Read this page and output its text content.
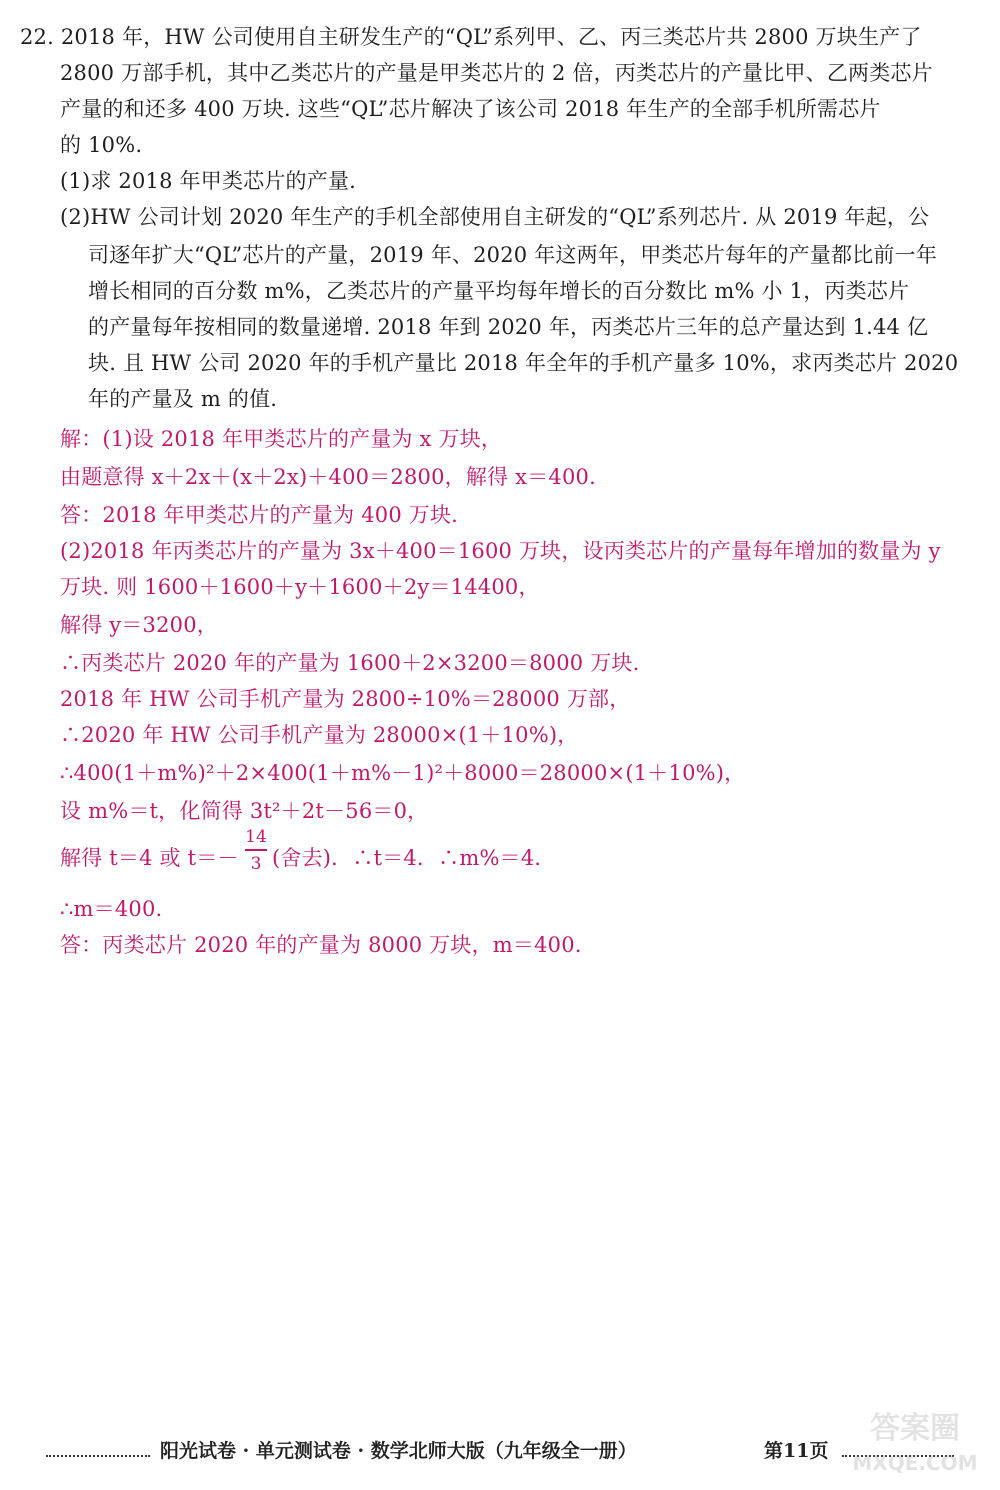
22. 2018 年，HW 公司使用自主研发生产的“QL”系列甲、乙、丙三类芯片共 2800 万块生产了
2800 万部手机，其中乙类芯片的产量是甲类芯片的 2 倍，丙类芯片的产量比甲、乙两类芯片
产量的和还多 400 万块. 这些“QL”芯片解决了该公司 2018 年生产的全部手机所需芯片
的 10%.
(1)求 2018 年甲类芯片的产量.
(2)HW 公司计划 2020 年生产的手机全部使用自主研发的“QL”系列芯片. 从 2019 年起，公
司逐年扩大“QL”芯片的产量，2019 年、2020 年这两年，甲类芯片每年的产量都比前一年
增长相同的百分数 m%，乙类芯片的产量平均每年增长的百分数比 m% 小 1，丙类芯片
的产量每年按相同的数量递增. 2018 年到 2020 年，丙类芯片三年的总产量达到 1.44 亿
块. 且 HW 公司 2020 年的手机产量比 2018 年全年的手机产量多 10%，求丙类芯片 2020
年的产量及 m 的值.
解：(1)设 2018 年甲类芯片的产量为 x 万块，
由题意得 x＋2x＋(x＋2x)＋400＝2800，解得 x＝400.
答：2018 年甲类芯片的产量为 400 万块.
(2)2018 年丙类芯片的产量为 3x＋400＝1600 万块，设丙类芯片的产量每年增加的数量为 y
万块. 则 1600＋1600＋y＋1600＋2y＝14400，
解得 y＝3200，
∴丙类芯片 2020 年的产量为 1600＋2×3200＝8000 万块.
2018 年 HW 公司手机产量为 2800÷10%＝28000 万部，
∴2020 年 HW 公司手机产量为 28000×(1＋10%)，
∴400(1＋m%)²＋2×400(1＋m%－1)²＋8000＝28000×(1＋10%)，
设 m%＝t，化简得 3t²＋2t－56＝0，
解得 t＝4 或 t＝－
14
3 (舍去)．∴t＝4．∴m%＝4．
∴m＝400.
答：丙类芯片 2020 年的产量为 8000 万块，m＝400.
阳光试卷 · 单元测试卷 · 数学北师大版（九年级全一册）	第11页
答案圈
MXQE.COM
